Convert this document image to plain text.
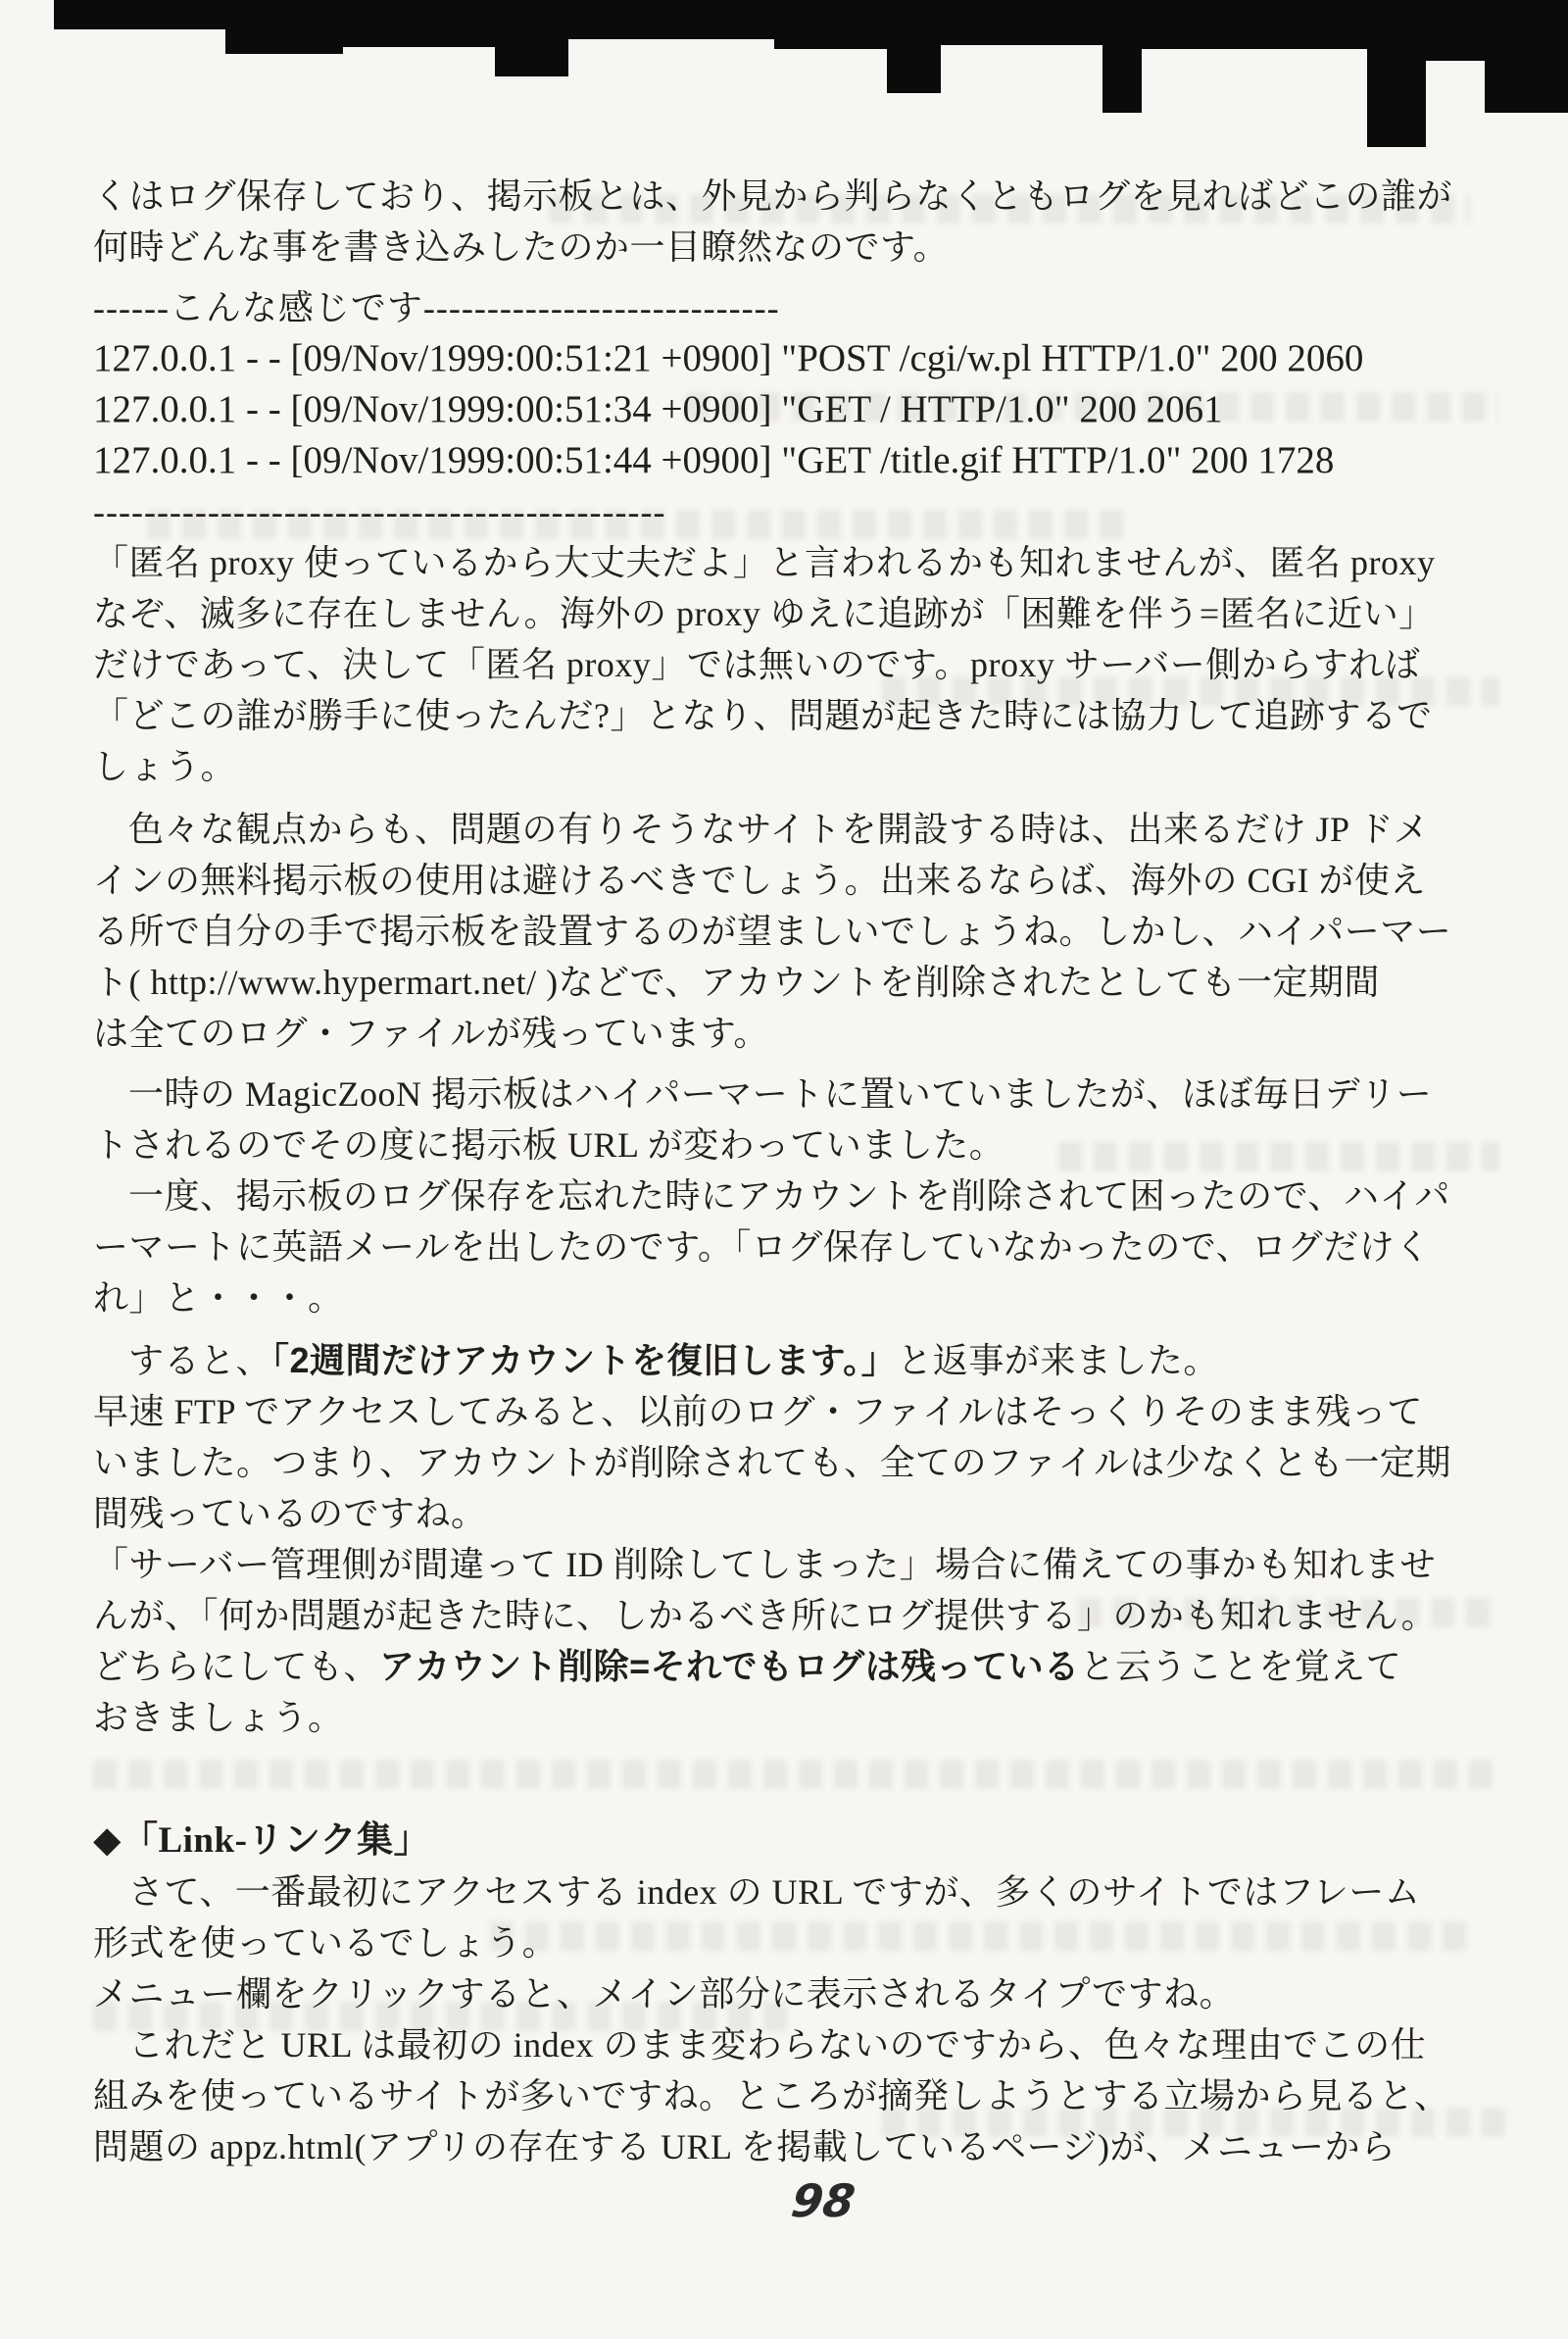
くはログ保存しており、掲示板とは、外見から判らなくともログを見ればどこの誰が
何時どんな事を書き込みしたのか一目瞭然なのです。
------こんな感じです----------------------------
127.0.0.1 - - [09/Nov/1999:00:51:21 +0900] "POST /cgi/w.pl HTTP/1.0" 200 2060
127.0.0.1 - - [09/Nov/1999:00:51:34 +0900] "GET / HTTP/1.0" 200 2061
127.0.0.1 - - [09/Nov/1999:00:51:44 +0900] "GET /title.gif HTTP/1.0" 200 1728
---------------------------------------------
「匿名 proxy 使っているから大丈夫だよ」と言われるかも知れませんが、匿名 proxy
なぞ、滅多に存在しません。海外の proxy ゆえに追跡が「困難を伴う=匿名に近い」
だけであって、決して「匿名 proxy」では無いのです。proxy サーバー側からすれば
「どこの誰が勝手に使ったんだ?」となり、問題が起きた時には協力して追跡するで
しょう。
色々な観点からも、問題の有りそうなサイトを開設する時は、出来るだけ JP ドメ
インの無料掲示板の使用は避けるべきでしょう。出来るならば、海外の CGI が使え
る所で自分の手で掲示板を設置するのが望ましいでしょうね。しかし、ハイパーマー
ト( http://www.hypermart.net/ )などで、アカウントを削除されたとしても一定期間
は全てのログ・ファイルが残っています。
一時の MagicZooN 掲示板はハイパーマートに置いていましたが、ほぼ毎日デリー
トされるのでその度に掲示板 URL が変わっていました。
一度、掲示板のログ保存を忘れた時にアカウントを削除されて困ったので、ハイパ
ーマートに英語メールを出したのです。「ログ保存していなかったので、ログだけく
れ」と・・・。
すると、「2週間だけアカウントを復旧します。」と返事が来ました。
早速 FTP でアクセスしてみると、以前のログ・ファイルはそっくりそのまま残って
いました。つまり、アカウントが削除されても、全てのファイルは少なくとも一定期
間残っているのですね。
「サーバー管理側が間違って ID 削除してしまった」場合に備えての事かも知れませ
んが、「何か問題が起きた時に、しかるべき所にログ提供する」のかも知れません。
どちらにしても、アカウント削除=それでもログは残っていると云うことを覚えて
おきましょう。
◆「Link-リンク集」
さて、一番最初にアクセスする index の URL ですが、多くのサイトではフレーム
形式を使っているでしょう。
メニュー欄をクリックすると、メイン部分に表示されるタイプですね。
これだと URL は最初の index のまま変わらないのですから、色々な理由でこの仕
組みを使っているサイトが多いですね。ところが摘発しようとする立場から見ると、
問題の appz.html(アプリの存在する URL を掲載しているページ)が、メニューから
98
